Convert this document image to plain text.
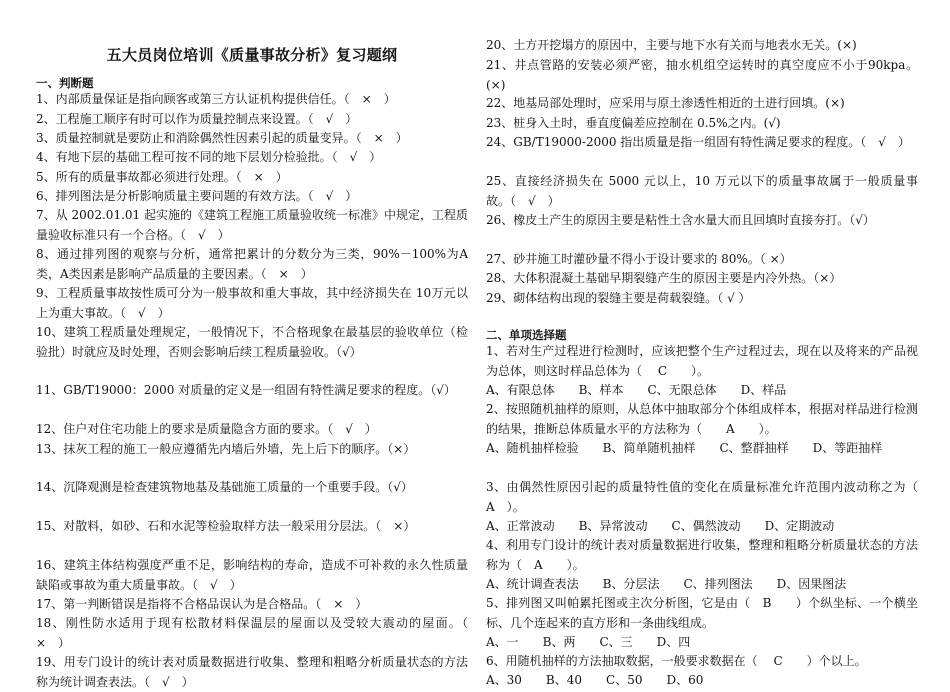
五大员岗位培训《质量事故分析》复习题纲
一、判断题
1、内部质量保证是指向顾客或第三方认证机构提供信任。（　×　）
2、工程施工顺序有时可以作为质量控制点来设置。（　√　）
3、质量控制就是要防止和消除偶然性因素引起的质量变异。（　×　）
4、有地下层的基础工程可按不同的地下层划分检验批。（　√　）
5、所有的质量事故都必须进行处理。（　×　）
6、排列图法是分析影响质量主要问题的有效方法。（　√　）
7、从 2002.01.01 起实施的《建筑工程施工质量验收统一标准》中规定，工程质量验收标准只有一个合格。（　√　）
8、通过排列图的观察与分析，通常把累计的分数分为三类，90%－100%为A类，A类因素是影响产品质量的主要因素。（　×　）
9、工程质量事故按性质可分为一般事故和重大事故，其中经济损失在 10万元以上为重大事故。（　√　）
10、建筑工程质量处理规定，一般情况下，不合格现象在最基层的验收单位（检验批）时就应及时处理，否则会影响后续工程质量验收。（√）
11、GB/T19000：2000 对质量的定义是一组固有特性满足要求的程度。（√）
12、住户对住宅功能上的要求是质量隐含方面的要求。（　√　）
13、抹灰工程的施工一般应遵循先内墙后外墙，先上后下的顺序。（×）
14、沉降观测是检查建筑物地基及基础施工质量的一个重要手段。（√）
15、对散料，如砂、石和水泥等检验取样方法一般采用分层法。（　×）
16、建筑主体结构强度严重不足，影响结构的寿命，造成不可补救的永久性质量缺陷或事故为重大质量事故。（　√　）
17、第一判断错误是指将不合格品误认为是合格品。（　×　）
18、刚性防水适用于现有松散材料保温层的屋面以及受较大震动的屋面。（　×　）
19、用专门设计的统计表对质量数据进行收集、整理和粗略分析质量状态的方法称为统计调查表法。（　√　）
20、土方开挖塌方的原因中，主要与地下水有关而与地表水无关。(×)
21、井点管路的安装必须严密，抽水机组空运转时的真空度应不小于90kpa。(×)
22、地基局部处理时，应采用与原土渗透性相近的土进行回填。(×)
23、桩身入土时，垂直度偏差应控制在 0.5%之内。(√)
24、GB/T19000-2000 指出质量是指一组固有特性满足要求的程度。（　√　）
25、直接经济损失在 5000 元以上，10 万元以下的质量事故属于一般质量事故。（　√　）
26、橡皮土产生的原因主要是粘性土含水量大而且回填时直接夯打。（√）
27、砂井施工时灌砂量不得小于设计要求的 80%。（ ×）
28、大体积混凝土基础早期裂缝产生的原因主要是内冷外热。（×）
29、砌体结构出现的裂缝主要是荷载裂缝。（ √ ）
二、单项选择题
1、若对生产过程进行检测时，应该把整个生产过程过去，现在以及将来的产品视为总体，则这时样品总体为（　 C　　）。
A、有限总体　　B、样本　　C、无限总体　　D、样品
2、按照随机抽样的原则，从总体中抽取部分个体组成样本，根据对样品进行检测的结果，推断总体质量水平的方法称为（　　A　　）。
A、随机抽样检验　　B、简单随机抽样　　C、整群抽样　　D、等距抽样
3、由偶然性原因引起的质量特性值的变化在质量标准允许范围内波动称之为（　　A　）。
A、正常波动　　B、异常波动　　C、偶然波动　　D、定期波动
4、利用专门设计的统计表对质量数据进行收集，整理和粗略分析质量状态的方法称为（　A　　）。
A、统计调查表法　　B、分层法　　C、排列图法　　D、因果图法
5、排列图又叫帕累托图或主次分析图，它是由（　B　　）个纵坐标、一个横坐标、几个连起来的直方形和一条曲线组成。
A、一　　B、两　　C、三　　D、四
6、用随机抽样的方法抽取数据，一般要求数据在（　 C　　）个以上。
A、30　　B、40　　C、50　　D、60
